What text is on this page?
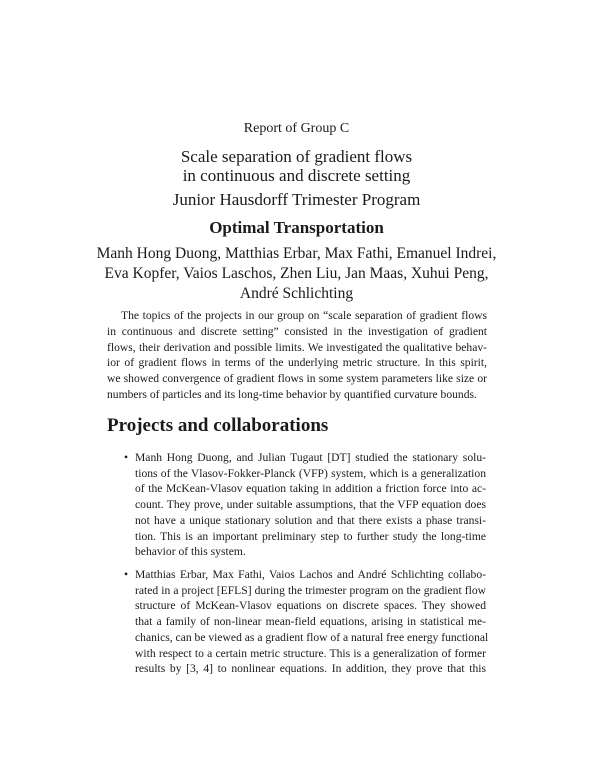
Report of Group C
Scale separation of gradient flows
in continuous and discrete setting
Junior Hausdorff Trimester Program
Optimal Transportation
Manh Hong Duong, Matthias Erbar, Max Fathi, Emanuel Indrei,
Eva Kopfer, Vaios Laschos, Zhen Liu, Jan Maas, Xuhui Peng,
André Schlichting
The topics of the projects in our group on “scale separation of gradient flows
in continuous and discrete setting” consisted in the investigation of gradient
flows, their derivation and possible limits. We investigated the qualitative behav-
ior of gradient flows in terms of the underlying metric structure. In this spirit,
we showed convergence of gradient flows in some system parameters like size or
numbers of particles and its long-time behavior by quantified curvature bounds.
Projects and collaborations
• Manh Hong Duong, and Julian Tugaut [DT] studied the stationary solu-
tions of the Vlasov-Fokker-Planck (VFP) system, which is a generalization
of the McKean-Vlasov equation taking in addition a friction force into ac-
count. They prove, under suitable assumptions, that the VFP equation does
not have a unique stationary solution and that there exists a phase transi-
tion. This is an important preliminary step to further study the long-time
behavior of this system.
• Matthias Erbar, Max Fathi, Vaios Lachos and André Schlichting collabo-
rated in a project [EFLS] during the trimester program on the gradient flow
structure of McKean-Vlasov equations on discrete spaces. They showed
that a family of non-linear mean-field equations, arising in statistical me-
chanics, can be viewed as a gradient flow of a natural free energy functional
with respect to a certain metric structure. This is a generalization of former
results by [3, 4] to nonlinear equations. In addition, they prove that this
